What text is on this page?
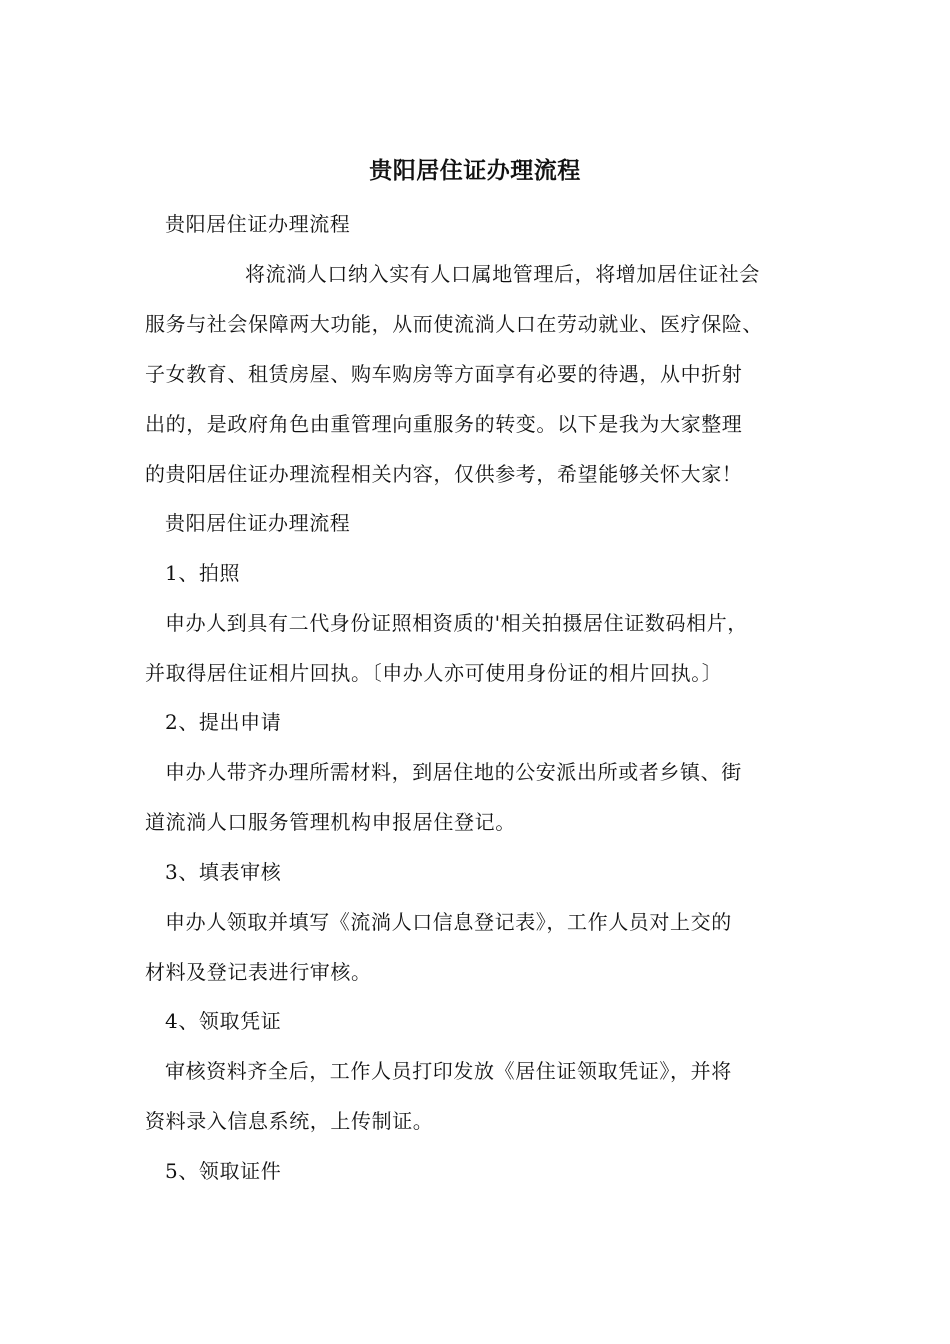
贵阳居住证办理流程
贵阳居住证办理流程
将流淌人口纳入实有人口属地管理后，将增加居住证社会
服务与社会保障两大功能，从而使流淌人口在劳动就业、医疗保险、
子女教育、租赁房屋、购车购房等方面享有必要的待遇，从中折射
出的，是政府角色由重管理向重服务的转变。以下是我为大家整理
的贵阳居住证办理流程相关内容，仅供参考，希望能够关怀大家！
贵阳居住证办理流程
1、拍照
申办人到具有二代身份证照相资质的'相关拍摄居住证数码相片，
并取得居住证相片回执。〔申办人亦可使用身份证的相片回执。〕
2、提出申请
申办人带齐办理所需材料，到居住地的公安派出所或者乡镇、街
道流淌人口服务管理机构申报居住登记。
3、填表审核
申办人领取并填写《流淌人口信息登记表》，工作人员对上交的
材料及登记表进行审核。
4、领取凭证
审核资料齐全后，工作人员打印发放《居住证领取凭证》，并将
资料录入信息系统，上传制证。
5、领取证件
